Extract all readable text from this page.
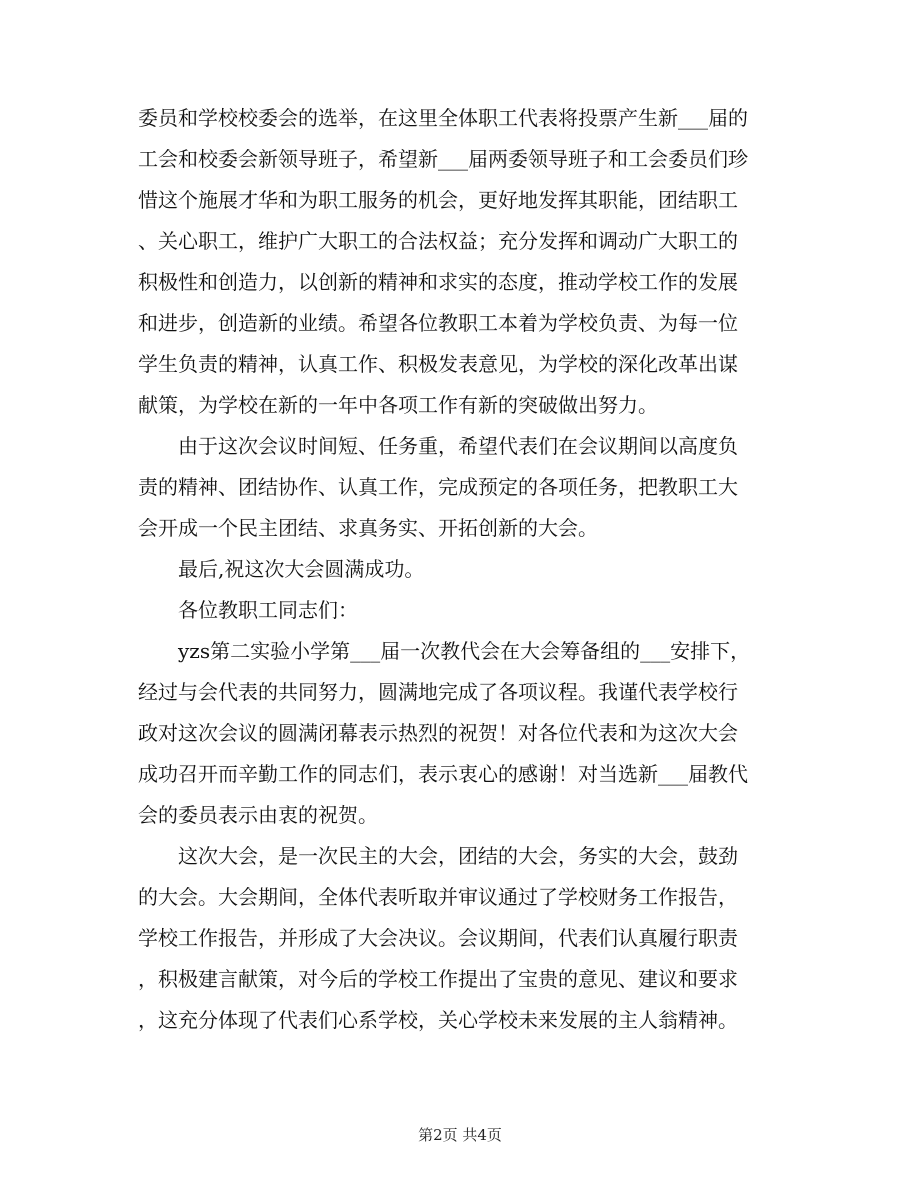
委员和学校校委会的选举，在这里全体职工代表将投票产生新___届的

工会和校委会新领导班子，希望新___届两委领导班子和工会委员们珍

惜这个施展才华和为职工服务的机会，更好地发挥其职能，团结职工

、关心职工，维护广大职工的合法权益；充分发挥和调动广大职工的

积极性和创造力，以创新的精神和求实的态度，推动学校工作的发展

和进步，创造新的业绩。希望各位教职工本着为学校负责、为每一位

学生负责的精神，认真工作、积极发表意见，为学校的深化改革出谋

献策，为学校在新的一年中各项工作有新的突破做出努力。

由于这次会议时间短、任务重，希望代表们在会议期间以高度负

责的精神、团结协作、认真工作，完成预定的各项任务，把教职工大

会开成一个民主团结、求真务实、开拓创新的大会。

最后,祝这次大会圆满成功。

各位教职工同志们：

yzs第二实验小学第___届一次教代会在大会筹备组的___安排下，

经过与会代表的共同努力，圆满地完成了各项议程。我谨代表学校行

政对这次会议的圆满闭幕表示热烈的祝贺！对各位代表和为这次大会

成功召开而辛勤工作的同志们，表示衷心的感谢！对当选新___届教代

会的委员表示由衷的祝贺。

这次大会，是一次民主的大会，团结的大会，务实的大会，鼓劲

的大会。大会期间，全体代表听取并审议通过了学校财务工作报告，

学校工作报告，并形成了大会决议。会议期间，代表们认真履行职责

，积极建言献策，对今后的学校工作提出了宝贵的意见、建议和要求

，这充分体现了代表们心系学校，关心学校未来发展的主人翁精神。

第2页 共4页
